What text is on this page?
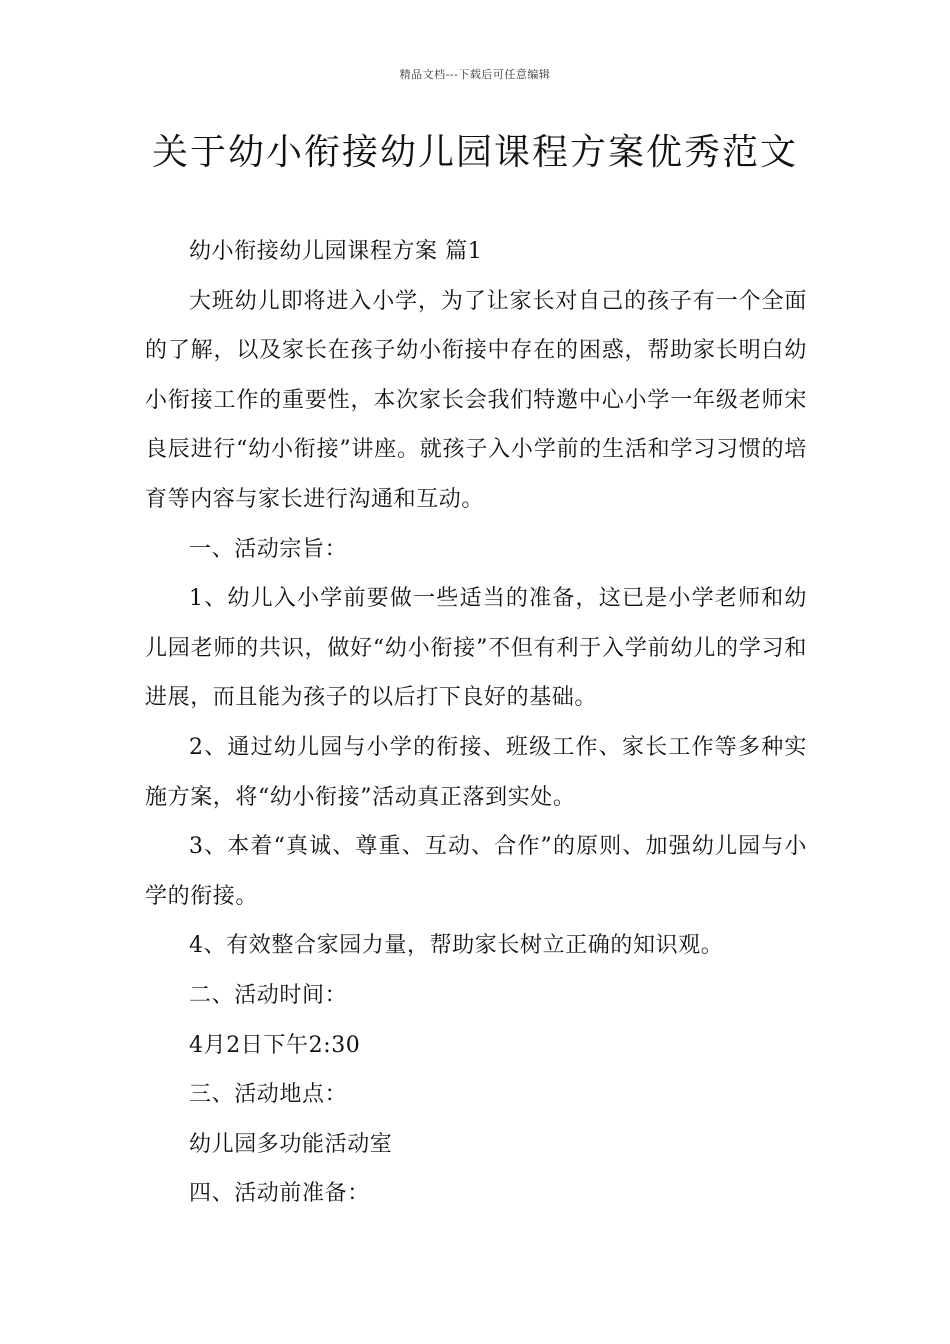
精品文档---下载后可任意编辑
关于幼小衔接幼儿园课程方案优秀范文

幼小衔接幼儿园课程方案 篇1

大班幼儿即将进入小学，为了让家长对自己的孩子有一个全面的了解，以及家长在孩子幼小衔接中存在的困惑，帮助家长明白幼小衔接工作的重要性，本次家长会我们特邀中心小学一年级老师宋良辰进行“幼小衔接”讲座。就孩子入小学前的生活和学习习惯的培育等内容与家长进行沟通和互动。

一、活动宗旨：

1、幼儿入小学前要做一些适当的准备，这已是小学老师和幼儿园老师的共识，做好“幼小衔接”不但有利于入学前幼儿的学习和进展，而且能为孩子的以后打下良好的基础。

2、通过幼儿园与小学的衔接、班级工作、家长工作等多种实施方案，将“幼小衔接”活动真正落到实处。

3、本着“真诚、尊重、互动、合作”的原则、加强幼儿园与小学的衔接。

4、有效整合家园力量，帮助家长树立正确的知识观。

二、活动时间：

4月2日下午2:30

三、活动地点：

幼儿园多功能活动室

四、活动前准备：
